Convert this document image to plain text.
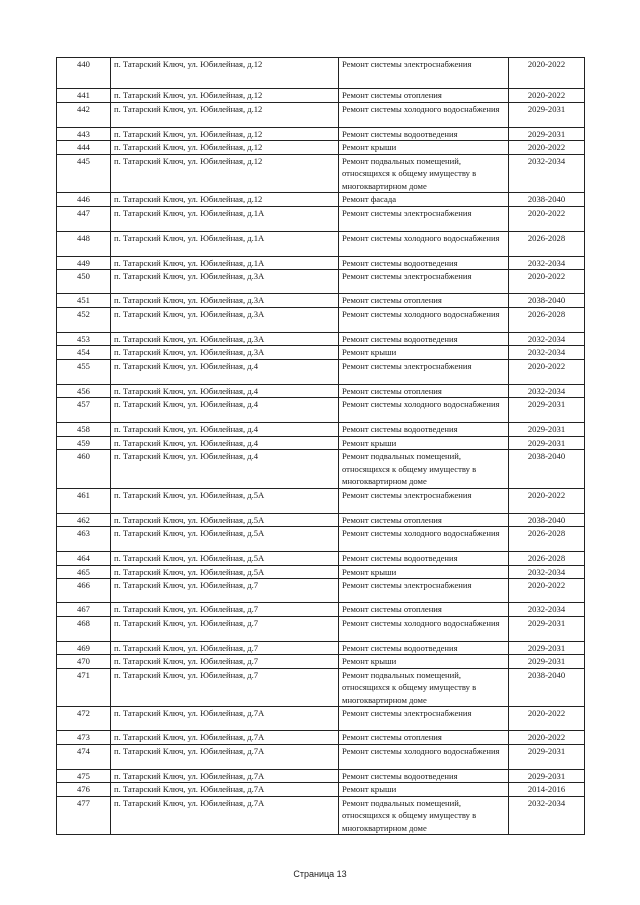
440	п. Татарский Ключ, ул. Юбилейная, д.12	Ремонт системы электроснабжения	2020-2022
441	п. Татарский Ключ, ул. Юбилейная, д.12	Ремонт системы отопления	2020-2022
442	п. Татарский Ключ, ул. Юбилейная, д.12	Ремонт системы холодного водоснабжения	2029-2031
443	п. Татарский Ключ, ул. Юбилейная, д.12	Ремонт системы водоотведения	2029-2031
444	п. Татарский Ключ, ул. Юбилейная, д.12	Ремонт крыши	2020-2022
445	п. Татарский Ключ, ул. Юбилейная, д.12	Ремонт подвальных помещений, относящихся к общему имуществу в многоквартирном доме	2032-2034
446	п. Татарский Ключ, ул. Юбилейная, д.12	Ремонт фасада	2038-2040
447	п. Татарский Ключ, ул. Юбилейная, д.1А	Ремонт системы электроснабжения	2020-2022
448	п. Татарский Ключ, ул. Юбилейная, д.1А	Ремонт системы холодного водоснабжения	2026-2028
449	п. Татарский Ключ, ул. Юбилейная, д.1А	Ремонт системы водоотведения	2032-2034
450	п. Татарский Ключ, ул. Юбилейная, д.3А	Ремонт системы электроснабжения	2020-2022
451	п. Татарский Ключ, ул. Юбилейная, д.3А	Ремонт системы отопления	2038-2040
452	п. Татарский Ключ, ул. Юбилейная, д.3А	Ремонт системы холодного водоснабжения	2026-2028
453	п. Татарский Ключ, ул. Юбилейная, д.3А	Ремонт системы водоотведения	2032-2034
454	п. Татарский Ключ, ул. Юбилейная, д.3А	Ремонт крыши	2032-2034
455	п. Татарский Ключ, ул. Юбилейная, д.4	Ремонт системы электроснабжения	2020-2022
456	п. Татарский Ключ, ул. Юбилейная, д.4	Ремонт системы отопления	2032-2034
457	п. Татарский Ключ, ул. Юбилейная, д.4	Ремонт системы холодного водоснабжения	2029-2031
458	п. Татарский Ключ, ул. Юбилейная, д.4	Ремонт системы водоотведения	2029-2031
459	п. Татарский Ключ, ул. Юбилейная, д.4	Ремонт крыши	2029-2031
460	п. Татарский Ключ, ул. Юбилейная, д.4	Ремонт подвальных помещений, относящихся к общему имуществу в многоквартирном доме	2038-2040
461	п. Татарский Ключ, ул. Юбилейная, д.5А	Ремонт системы электроснабжения	2020-2022
462	п. Татарский Ключ, ул. Юбилейная, д.5А	Ремонт системы отопления	2038-2040
463	п. Татарский Ключ, ул. Юбилейная, д.5А	Ремонт системы холодного водоснабжения	2026-2028
464	п. Татарский Ключ, ул. Юбилейная, д.5А	Ремонт системы водоотведения	2026-2028
465	п. Татарский Ключ, ул. Юбилейная, д.5А	Ремонт крыши	2032-2034
466	п. Татарский Ключ, ул. Юбилейная, д.7	Ремонт системы электроснабжения	2020-2022
467	п. Татарский Ключ, ул. Юбилейная, д.7	Ремонт системы отопления	2032-2034
468	п. Татарский Ключ, ул. Юбилейная, д.7	Ремонт системы холодного водоснабжения	2029-2031
469	п. Татарский Ключ, ул. Юбилейная, д.7	Ремонт системы водоотведения	2029-2031
470	п. Татарский Ключ, ул. Юбилейная, д.7	Ремонт крыши	2029-2031
471	п. Татарский Ключ, ул. Юбилейная, д.7	Ремонт подвальных помещений, относящихся к общему имуществу в многоквартирном доме	2038-2040
472	п. Татарский Ключ, ул. Юбилейная, д.7А	Ремонт системы электроснабжения	2020-2022
473	п. Татарский Ключ, ул. Юбилейная, д.7А	Ремонт системы отопления	2020-2022
474	п. Татарский Ключ, ул. Юбилейная, д.7А	Ремонт системы холодного водоснабжения	2029-2031
475	п. Татарский Ключ, ул. Юбилейная, д.7А	Ремонт системы водоотведения	2029-2031
476	п. Татарский Ключ, ул. Юбилейная, д.7А	Ремонт крыши	2014-2016
477	п. Татарский Ключ, ул. Юбилейная, д.7А	Ремонт подвальных помещений, относящихся к общему имуществу в многоквартирном доме	2032-2034
Страница 13
